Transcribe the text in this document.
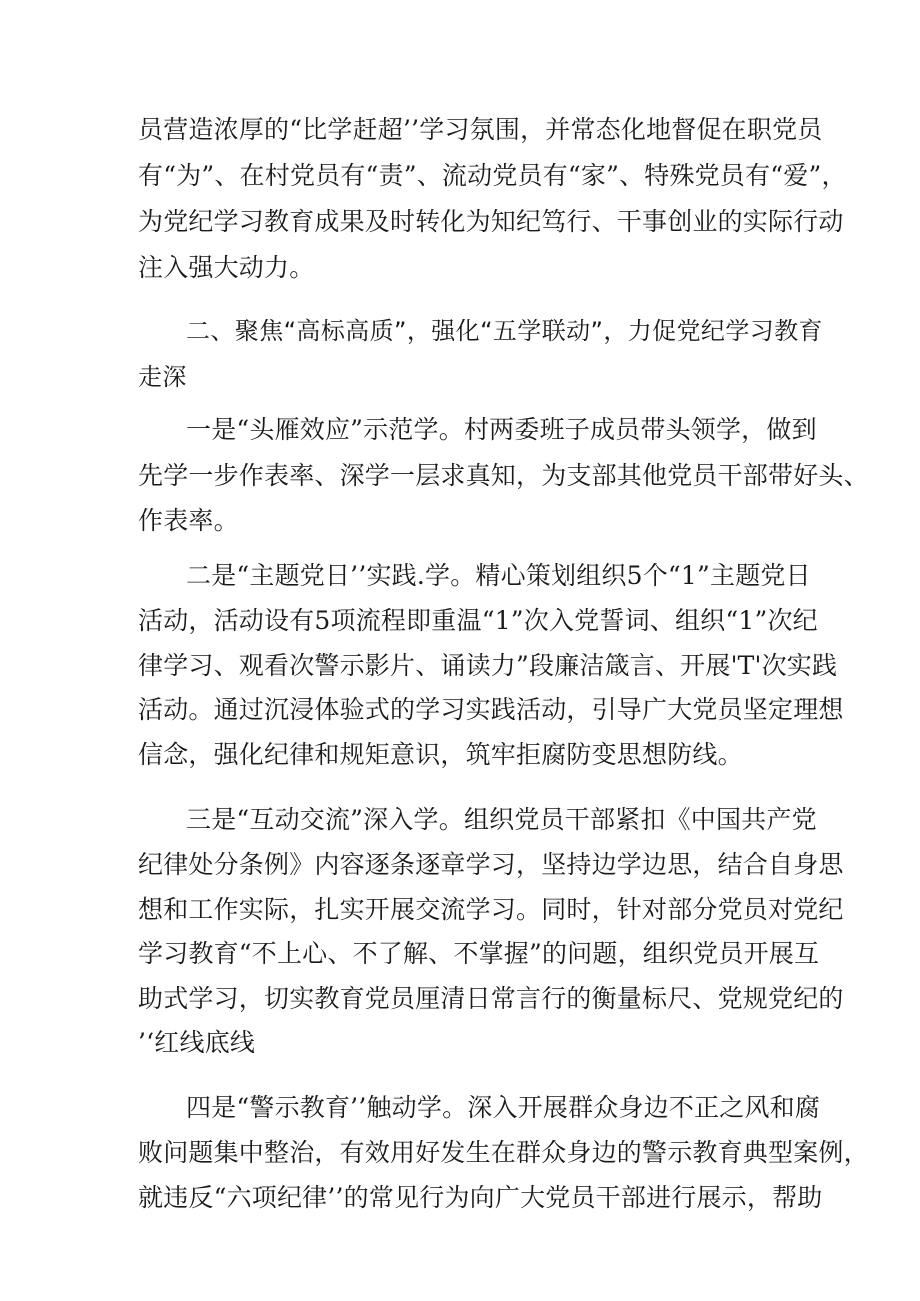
员营造浓厚的“比学赶超’’学习氛围，并常态化地督促在职党员
有“为”、在村党员有“责”、流动党员有“家”、特殊党员有“爱”，
为党纪学习教育成果及时转化为知纪笃行、干事创业的实际行动
注入强大动力。
二、聚焦“高标高质”，强化“五学联动”，力促党纪学习教育
走深
一是“头雁效应”示范学。村两委班子成员带头领学，做到
先学一步作表率、深学一层求真知，为支部其他党员干部带好头、
作表率。
二是“主题党日’’实践.学。精心策划组织5个“1”主题党日
活动，活动设有5项流程即重温“1”次入党誓词、组织“1”次纪
律学习、观看次警示影片、诵读力”段廉洁箴言、开展'T'次实践
活动。通过沉浸体验式的学习实践活动，引导广大党员坚定理想
信念，强化纪律和规矩意识，筑牢拒腐防变思想防线。
三是“互动交流”深入学。组织党员干部紧扣《中国共产党
纪律处分条例》内容逐条逐章学习，坚持边学边思，结合自身思
想和工作实际，扎实开展交流学习。同时，针对部分党员对党纪
学习教育“不上心、不了解、不掌握”的问题，组织党员开展互
助式学习，切实教育党员厘清日常言行的衡量标尺、党规党纪的
’‘红线底线
四是“警示教育’’触动学。深入开展群众身边不正之风和腐
败问题集中整治，有效用好发生在群众身边的警示教育典型案例，
就违反“六项纪律’’的常见行为向广大党员干部进行展示，帮助
